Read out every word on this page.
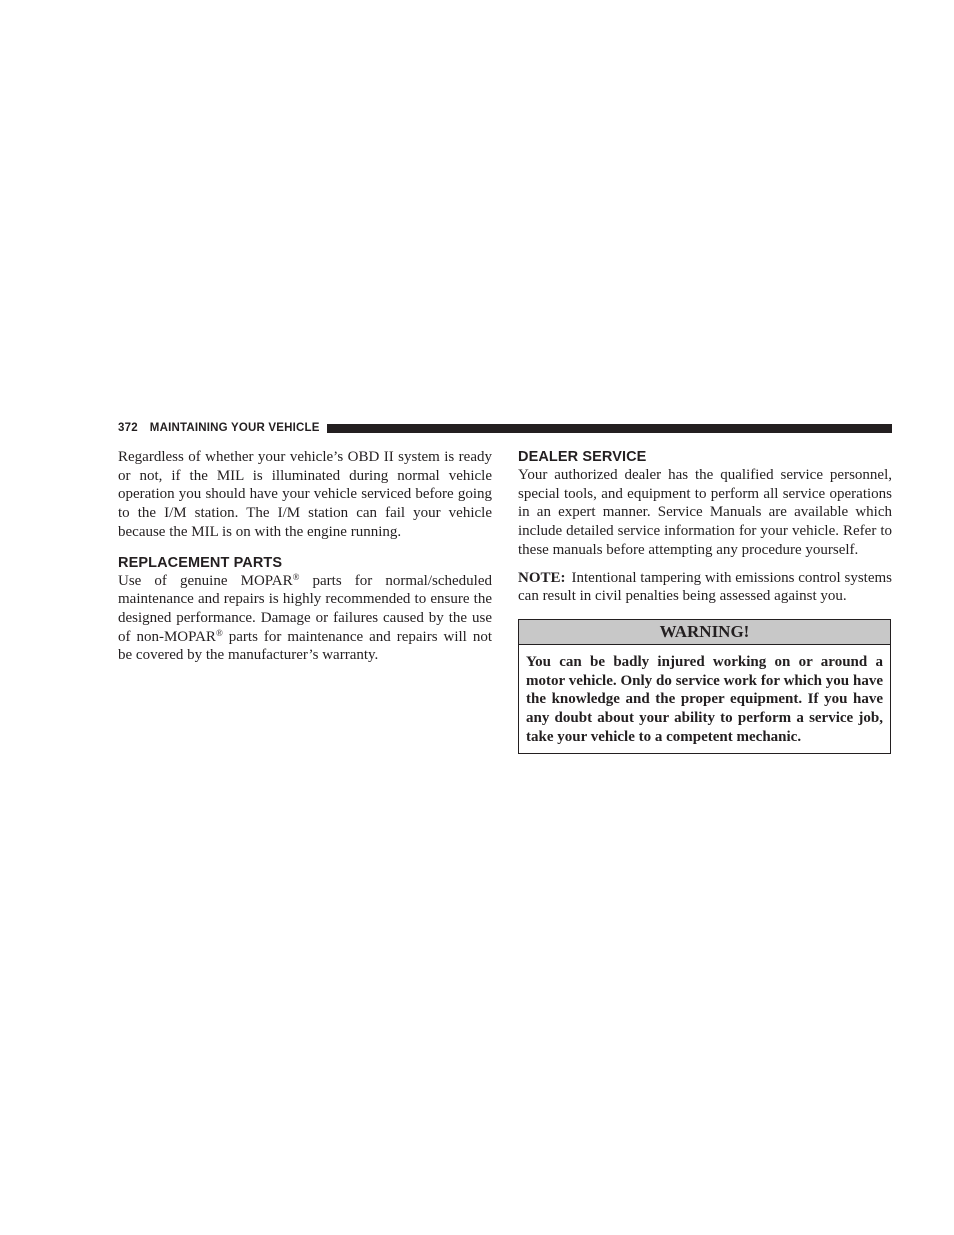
372 MAINTAINING YOUR VEHICLE

Regardless of whether your vehicle’s OBD II system is ready or not, if the MIL is illuminated during normal vehicle operation you should have your vehicle serviced before going to the I/M station. The I/M station can fail your vehicle because the MIL is on with the engine running.

REPLACEMENT PARTS

Use of genuine MOPAR® parts for normal/scheduled maintenance and repairs is highly recommended to ensure the designed performance. Damage or failures caused by the use of non-MOPAR® parts for maintenance and repairs will not be covered by the manufacturer’s warranty.

DEALER SERVICE

Your authorized dealer has the qualified service personnel, special tools, and equipment to perform all service operations in an expert manner. Service Manuals are available which include detailed service information for your vehicle. Refer to these manuals before attempting any procedure yourself.

NOTE: Intentional tampering with emissions control systems can result in civil penalties being assessed against you.

WARNING!
You can be badly injured working on or around a motor vehicle. Only do service work for which you have the knowledge and the proper equipment. If you have any doubt about your ability to perform a service job, take your vehicle to a competent mechanic.
